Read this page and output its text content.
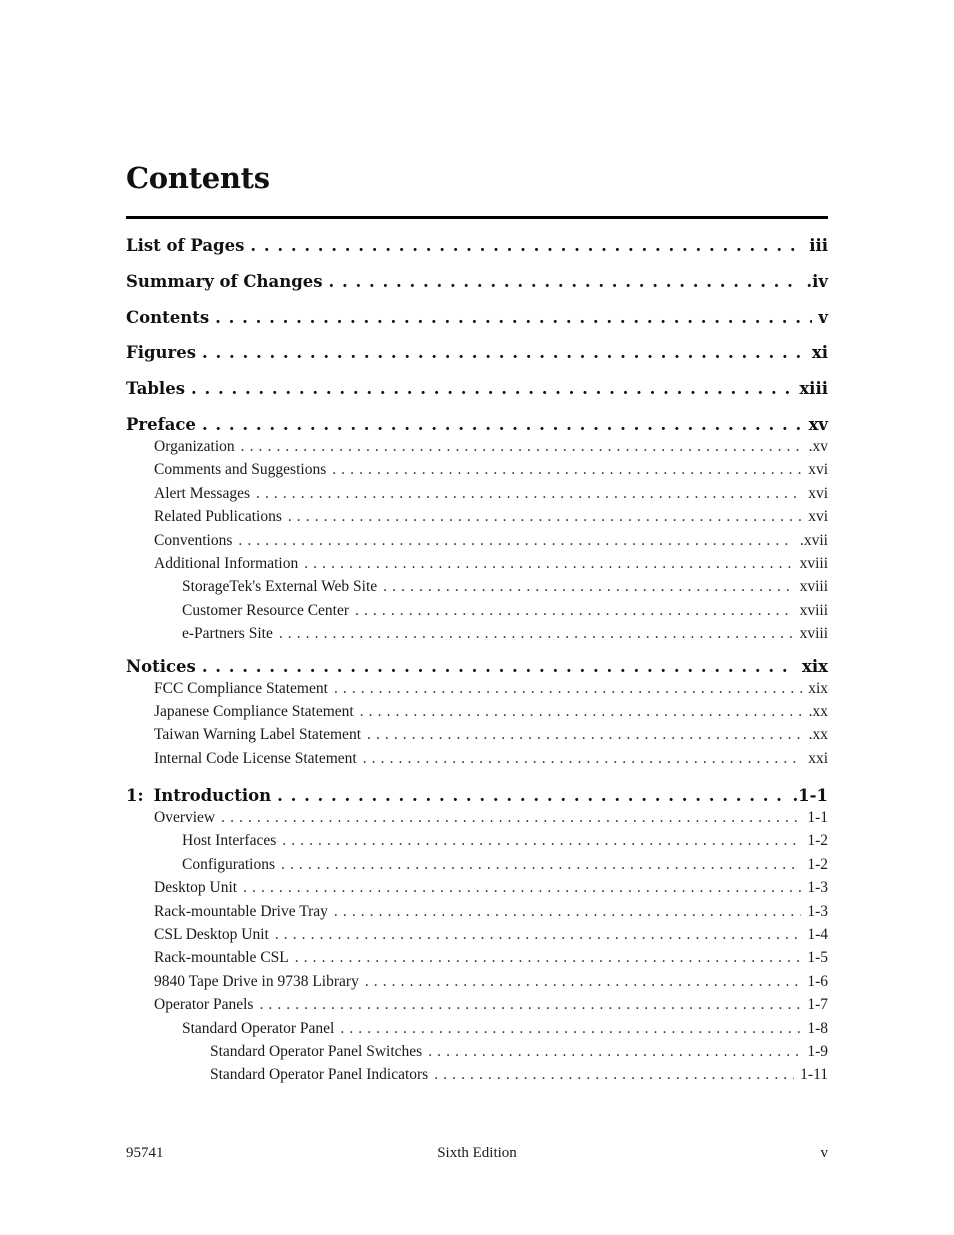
Contents
List of Pages . . .	iii
Summary of Changes . . .	.iv
Contents . . .	v
Figures . . .	xi
Tables . . .	xiii
Preface . . .	xv
Organization . . .	.xv
Comments and Suggestions . . .	xvi
Alert Messages . . .	xvi
Related Publications . . .	xvi
Conventions . . .	.xvii
Additional Information . . .	xviii
StorageTek's External Web Site . . .	xviii
Customer Resource Center . . .	xviii
e-Partners Site . . .	xviii
Notices . . .	xix
FCC Compliance Statement . . .	xix
Japanese Compliance Statement . . .	.xx
Taiwan Warning Label Statement . . .	.xx
Internal Code License Statement . . .	xxi
1: Introduction . . .	.1-1
Overview . . .	1-1
Host Interfaces . . .	1-2
Configurations . . .	1-2
Desktop Unit . . .	1-3
Rack-mountable Drive Tray . . .	1-3
CSL Desktop Unit . . .	1-4
Rack-mountable CSL . . .	1-5
9840 Tape Drive in 9738 Library . . .	1-6
Operator Panels . . .	1-7
Standard Operator Panel . . .	1-8
Standard Operator Panel Switches . . .	1-9
Standard Operator Panel Indicators . . .	1-11
95741	Sixth Edition	v
